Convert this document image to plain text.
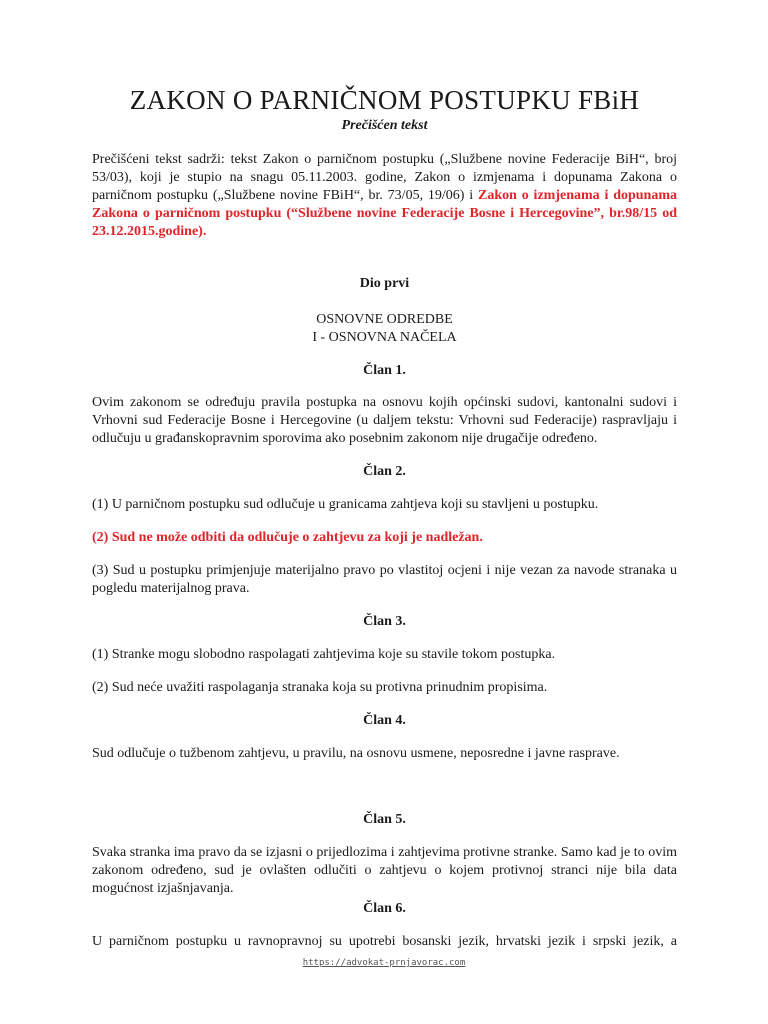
ZAKON O PARNIČNOM POSTUPKU FBiH
Prečišćen tekst
Prečišćeni tekst sadrži: tekst Zakon o parničnom postupku („Službene novine Federacije BiH“, broj 53/03), koji je stupio na snagu 05.11.2003. godine, Zakon o izmjenama i dopunama Zakona o parničnom postupku („Službene novine FBiH“, br. 73/05, 19/06) i Zakon o izmjenama i dopunama Zakona o parničnom postupku (“Službene novine Federacije Bosne i Hercegovine”, br.98/15 od 23.12.2015.godine).
Dio prvi
OSNOVNE ODREDBE
I - OSNOVNA NAČELA
Član 1.
Ovim zakonom se određuju pravila postupka na osnovu kojih općinski sudovi, kantonalni sudovi i Vrhovni sud Federacije Bosne i Hercegovine (u daljem tekstu: Vrhovni sud Federacije) raspravljaju i odlučuju u građanskopravnim sporovima ako posebnim zakonom nije drugačije određeno.
Član 2.
(1) U parničnom postupku sud odlučuje u granicama zahtjeva koji su stavljeni u postupku.
(2) Sud ne može odbiti da odlučuje o zahtjevu za koji je nadležan.
(3) Sud u postupku primjenjuje materijalno pravo po vlastitoj ocjeni i nije vezan za navode stranaka u pogledu materijalnog prava.
Član 3.
(1) Stranke mogu slobodno raspolagati zahtjevima koje su stavile tokom postupka.
(2) Sud neće uvažiti raspolaganja stranaka koja su protivna prinudnim propisima.
Član 4.
Sud odlučuje o tužbenom zahtjevu, u pravilu, na osnovu usmene, neposredne i javne rasprave.
Član 5.
Svaka stranka ima pravo da se izjasni o prijedlozima i zahtjevima protivne stranke. Samo kad je to ovim zakonom određeno, sud je ovlašten odlučiti o zahtjevu o kojem protivnoj stranci nije bila data mogućnost izjašnjavanja.
Član 6.
U parničnom postupku u ravnopravnoj su upotrebi bosanski jezik, hrvatski jezik i srpski jezik, a
https://advokat-prnjavorac.com
